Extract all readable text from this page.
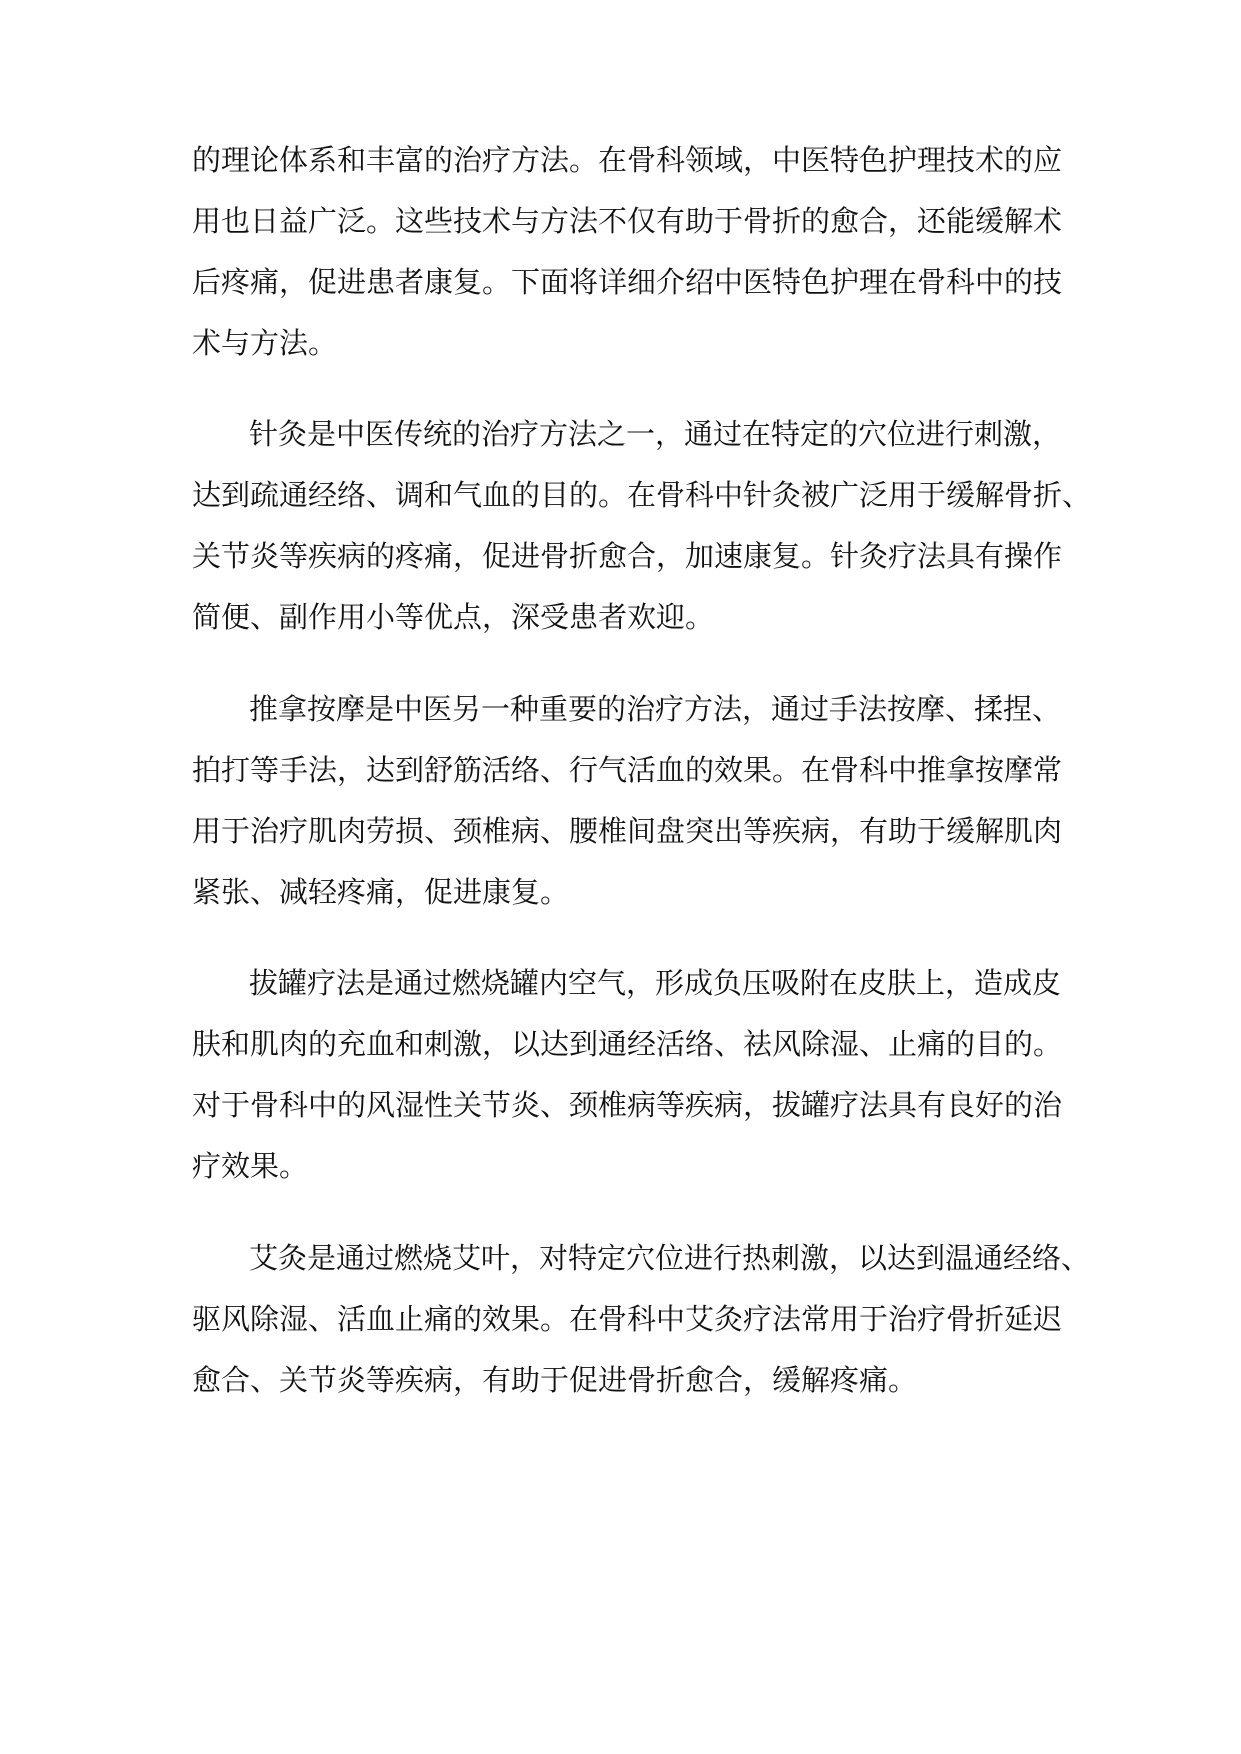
的理论体系和丰富的治疗方法。在骨科领域，中医特色护理技术的应
用也日益广泛。这些技术与方法不仅有助于骨折的愈合，还能缓解术
后疼痛，促进患者康复。下面将详细介绍中医特色护理在骨科中的技
术与方法。
针灸是中医传统的治疗方法之一，通过在特定的穴位进行刺激，
达到疏通经络、调和气血的目的。在骨科中针灸被广泛用于缓解骨折、
关节炎等疾病的疼痛，促进骨折愈合，加速康复。针灸疗法具有操作
简便、副作用小等优点，深受患者欢迎。
推拿按摩是中医另一种重要的治疗方法，通过手法按摩、揉捏、
拍打等手法，达到舒筋活络、行气活血的效果。在骨科中推拿按摩常
用于治疗肌肉劳损、颈椎病、腰椎间盘突出等疾病，有助于缓解肌肉
紧张、减轻疼痛，促进康复。
拔罐疗法是通过燃烧罐内空气，形成负压吸附在皮肤上，造成皮
肤和肌肉的充血和刺激，以达到通经活络、祛风除湿、止痛的目的。
对于骨科中的风湿性关节炎、颈椎病等疾病，拔罐疗法具有良好的治
疗效果。
艾灸是通过燃烧艾叶，对特定穴位进行热刺激，以达到温通经络、
驱风除湿、活血止痛的效果。在骨科中艾灸疗法常用于治疗骨折延迟
愈合、关节炎等疾病，有助于促进骨折愈合，缓解疼痛。
